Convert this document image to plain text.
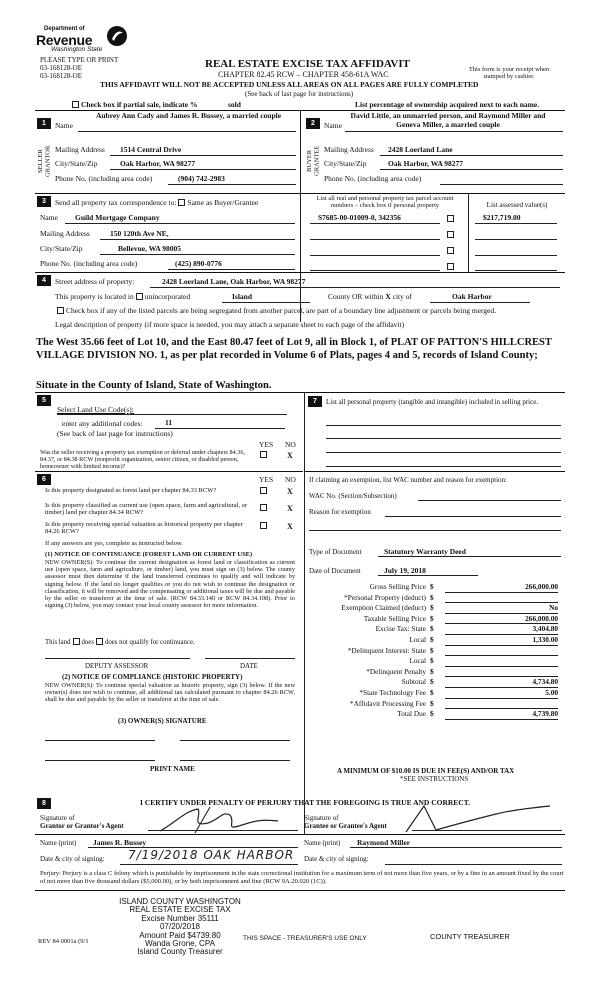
Department of
Revenue
Washington State
PLEASE TYPE OR PRINT
03-168128-OE
03-168128-OE
REAL ESTATE EXCISE TAX AFFIDAVIT
CHAPTER 82.45 RCW – CHAPTER 458-61A WAC
This form is your receipt when stamped by cashier.
THIS AFFIDAVIT WILL NOT BE ACCEPTED UNLESS ALL AREAS ON ALL PAGES ARE FULLY COMPLETED
(See back of last page for instructions)
Check box if partial sale, indicate %	sold	List percentage of ownership acquired next to each name.
1
SELLER GRANTOR
Name
Aubrey Ann Cady and James R. Bussey, a married couple
Mailing Address 1514 Central Drive
City/State/Zip	Oak Harbor, WA 98277
Phone No. (including area code)	(904) 742-2983
2
BUYER GRANTEE
Name
David Little, an unmarried person, and Raymond Miller and Geneva Miller, a married couple
Mailing Address 2428 Loerland Lane
City/State/Zip	Oak Harbor, WA 98277
Phone No. (including area code)
3	Send all property tax correspondence to: Same as Buyer/Grantee
Name Guild Mortgage Company
Mailing Address	150 120th Ave NE,
City/State/Zip	Bellevue, WA 98005
Phone No. (including area code)	(425) 890-0776
List all real and personal property tax parcel account numbers – check box if personal property	List assessed value(s)
S7685-00-01009-0, 342356	$217,719.00
4	Street address of property:	2428 Loerland Lane, Oak Harbor, WA 98277
This property is located in unincorporated	Island	County OR within X city of	Oak Harbor
Check box if any of the listed parcels are being segregated from another parcel, are part of a boundary line adjustment or parcels being merged.
Legal description of property (if more space is needed, you may attach a separate sheet to each page of the affidavit)
The West 35.66 feet of Lot 10, and the East 80.47 feet of Lot 9, all in Block 1, of PLAT OF PATTON'S HILLCREST VILLAGE DIVISION NO. 1, as per plat recorded in Volume 6 of Plats, pages 4 and 5, records of Island County;
Situate in the County of Island, State of Washington.
5
Select Land Use Code(s):
enter any additional codes:	11
(See back of last page for instructions)
YES NO
Was the seller receiving a property tax exemption or deferral under chapters 84.36, 84.37, or 84.38 RCW (nonprofit organization, senior citizen, or disabled person, homeowner with limited income)?
X
6	YES NO
Is this property designated as forest land per chapter 84.33 RCW?	X
Is this property classified as current use (open space, farm and agricultural, or timber) land per chapter 84.34 RCW?	X
Is this property receiving special valuation as historical property per chapter 84.26 RCW?
X
If any answers are yes, complete as instructed below.
(1) NOTICE OF CONTINUANCE (FOREST LAND OR CURRENT USE)
NEW OWNER(S): To continue the current designation as forest land or classification as current use (open space, farm and agriculture, or timber) land, you must sign on (3) below. The county assessor must then determine if the land transferred continues to qualify and will indicate by signing below. If the land no longer qualifies or you do not wish to continue the designation or classification, it will be removed and the compensating or additional taxes will be due and payable by the seller or transferor at the time of sale. (RCW 84.33.140 or RCW 84.34.108). Prior to signing (3) below, you may contact your local county assessor for more information.
This land does does not qualify for continuance.
DEPUTY ASSESSOR	DATE
(2) NOTICE OF COMPLIANCE (HISTORIC PROPERTY)
NEW OWNER(S): To continue special valuation as historic property, sign (3) below. If the new owner(s) does not wish to continue, all additional tax calculated pursuant to chapter 84.26 RCW, shall be due and payable by the seller or transferor at the time of sale.
(3) OWNER(S) SIGNATURE
PRINT NAME
7	List all personal property (tangible and intangible) included in selling price.
If claiming an exemption, list WAC number and reason for exemption:
WAC No. (Section/Subsection)
Reason for exemption
Type of Document	Statutory Warranty Deed
Date of Document	July 19, 2018
Gross Selling Price $	266,000.00
*Personal Property (deduct) $
Exemption Claimed (deduct) $	No
Taxable Selling Price $	266,000.00
Excise Tax: State $	3,404.80
Local $	1,330.00
*Delinquent Interest: State $
Local $
*Delinquent Penalty $
Subtotal $	4,734.80
*State Technology Fee $	5.00
*Affidavit Processing Fee $
Total Due $	4,739.80
A MINIMUM OF $10.00 IS DUE IN FEE(S) AND/OR TAX
*SEE INSTRUCTIONS
8	I CERTIFY UNDER PENALTY OF PERJURY THAT THE FOREGOING IS TRUE AND CORRECT.
Signature of
Grantor or Grantor's Agent
Signature of
Grantee or Grantee's Agent
Name (print) James R. Bussey	Name (print) Raymond Miller
Date & city of signing: 7/19/2018 OAK HARBOR Date & city of signing:
Perjury: Perjury is a class C felony which is punishable by imprisonment in the state correctional institution for a maximum term of not more than five years, or by a fine in an amount fixed by the court of not more than five thousand dollars ($5,000.00), or by both imprisonment and fine (RCW 9A.20.020 (1C)).
ISLAND COUNTY WASHINGTON
REAL ESTATE EXCISE TAX
Excise Number 35111
07/20/2018
Amount Paid $4739.80
Wanda Grone, CPA
Island County Treasurer
REV 84 0001a (9/1	THIS SPACE - TREASURER'S USE ONLY	COUNTY TREASURER
